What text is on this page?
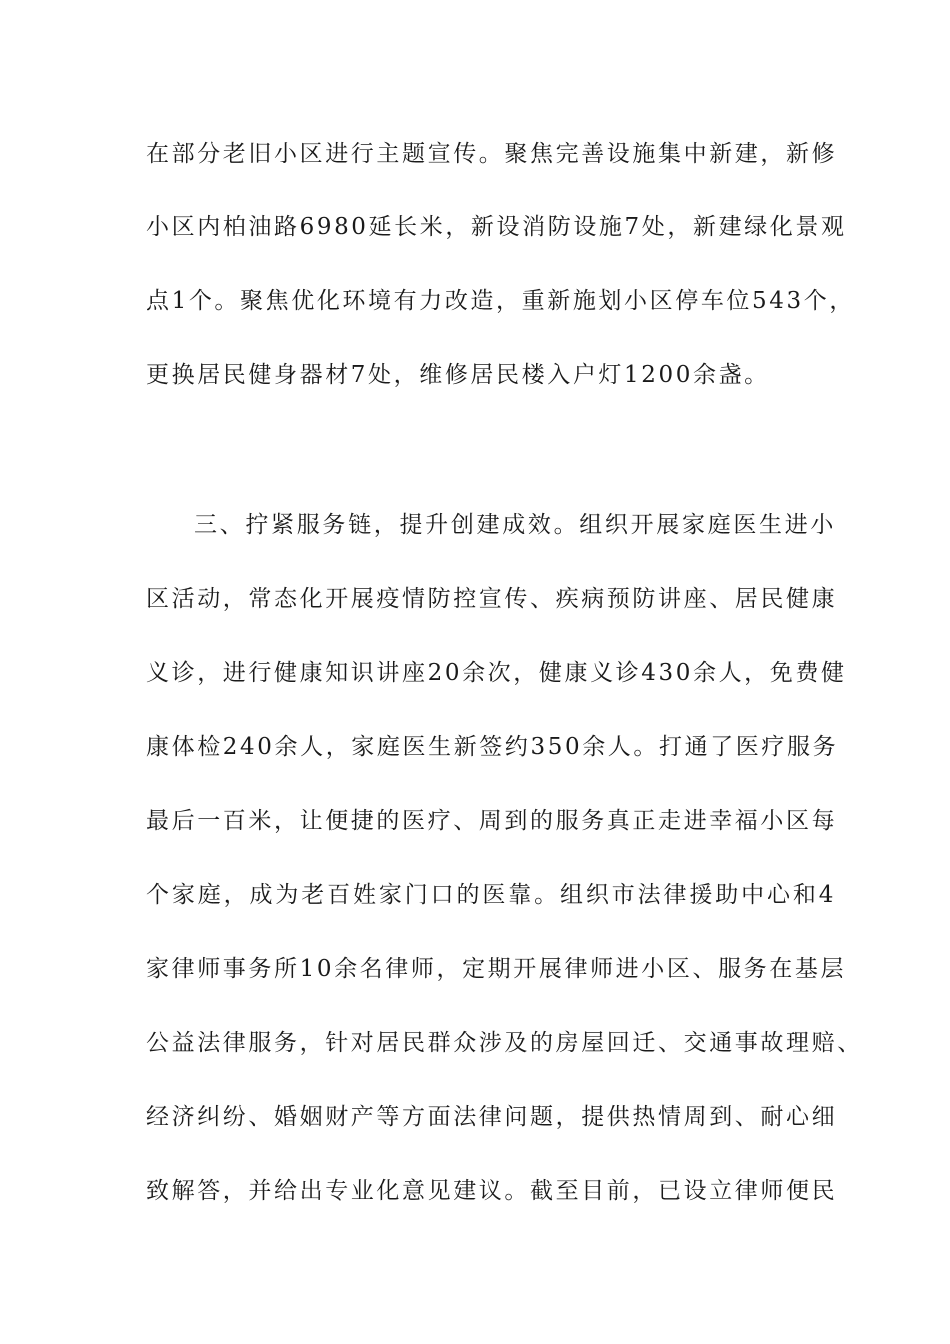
在部分老旧小区进行主题宣传。聚焦完善设施集中新建，新修
小区内柏油路6980延长米，新设消防设施7处，新建绿化景观
点1个。聚焦优化环境有力改造，重新施划小区停车位543个，
更换居民健身器材7处，维修居民楼入户灯1200余盏。
三、拧紧服务链，提升创建成效。组织开展家庭医生进小
区活动，常态化开展疫情防控宣传、疾病预防讲座、居民健康
义诊，进行健康知识讲座20余次，健康义诊430余人，免费健
康体检240余人，家庭医生新签约350余人。打通了医疗服务
最后一百米，让便捷的医疗、周到的服务真正走进幸福小区每
个家庭，成为老百姓家门口的医靠。组织市法律援助中心和4
家律师事务所10余名律师，定期开展律师进小区、服务在基层
公益法律服务，针对居民群众涉及的房屋回迁、交通事故理赔、
经济纠纷、婚姻财产等方面法律问题，提供热情周到、耐心细
致解答，并给出专业化意见建议。截至目前，已设立律师便民
